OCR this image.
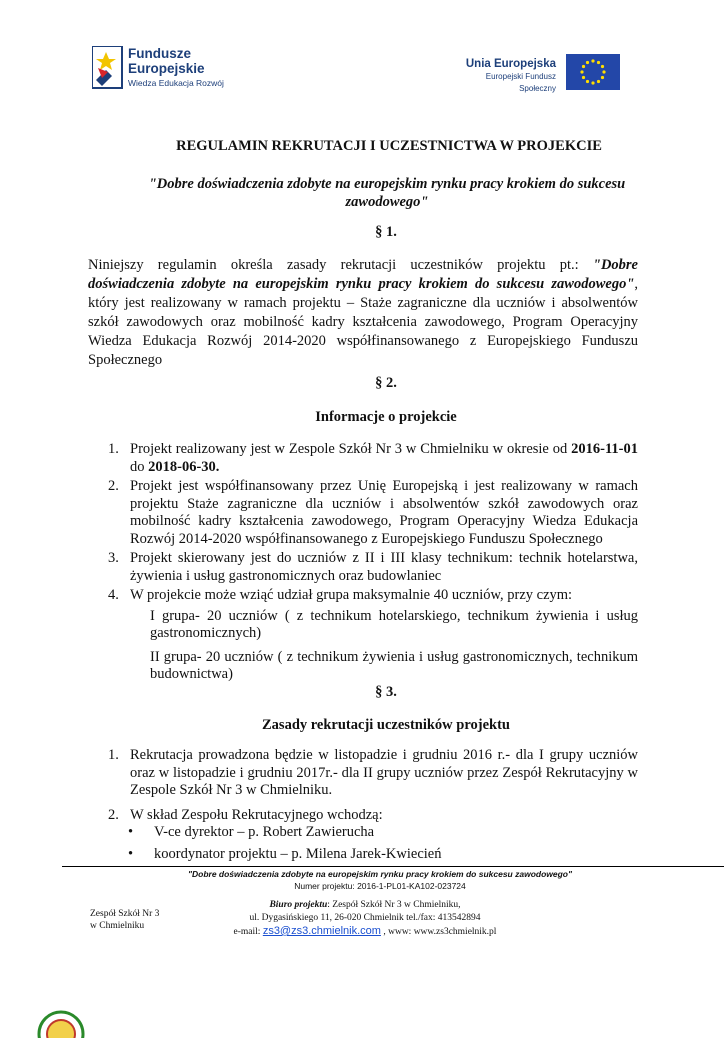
Fundusze
Europejskie
Wiedza Edukacja Rozwój
Unia Europejska
Europejski Fundusz Społeczny
REGULAMIN REKRUTACJI I UCZESTNICTWA W PROJEKCIE
"Dobre doświadczenia zdobyte na europejskim rynku pracy krokiem do sukcesu zawodowego"
§ 1.
Niniejszy regulamin określa zasady rekrutacji uczestników projektu pt.: "Dobre doświadczenia zdobyte na europejskim rynku pracy krokiem do sukcesu zawodowego", który jest realizowany w ramach projektu – Staże zagraniczne dla uczniów i absolwentów szkół zawodowych oraz mobilność kadry kształcenia zawodowego, Program Operacyjny Wiedza Edukacja Rozwój 2014-2020 współfinansowanego z Europejskiego Funduszu Społecznego
§ 2.
Informacje o projekcie
1. Projekt realizowany jest w Zespole Szkół Nr 3 w Chmielniku w okresie od 2016-11-01 do 2018-06-30.
2. Projekt jest współfinansowany przez Unię Europejską i jest realizowany w ramach projektu Staże zagraniczne dla uczniów i absolwentów szkół zawodowych oraz mobilność kadry kształcenia zawodowego, Program Operacyjny Wiedza Edukacja Rozwój 2014-2020 współfinansowanego z Europejskiego Funduszu Społecznego
3. Projekt skierowany jest do uczniów z II i III klasy technikum: technik hotelarstwa, żywienia i usług gastronomicznych oraz budowlaniec
4. W projekcie może wziąć udział grupa maksymalnie 40 uczniów, przy czym:
I grupa- 20 uczniów ( z technikum hotelarskiego, technikum żywienia i usług gastronomicznych)
II grupa- 20 uczniów ( z technikum żywienia i usług gastronomicznych, technikum budownictwa)
§ 3.
Zasady rekrutacji uczestników projektu
1. Rekrutacja prowadzona będzie w listopadzie i grudniu 2016 r.- dla I grupy uczniów oraz w listopadzie i grudniu 2017r.- dla II grupy uczniów przez Zespół Rekrutacyjny w Zespole Szkół Nr 3 w Chmielniku.
2. W skład Zespołu Rekrutacyjnego wchodzą:
• V-ce dyrektor – p. Robert Zawierucha
• koordynator projektu – p. Milena Jarek-Kwiecień
"Dobre doświadczenia zdobyte na europejskim rynku pracy krokiem do sukcesu zawodowego"
Numer projektu: 2016-1-PL01-KA102-023724
Zespół Szkół Nr 3
w Chmielniku
Biuro projektu: Zespół Szkół Nr 3 w Chmielniku,
ul. Dygasińskiego 11, 26-020 Chmielnik tel./fax: 413542894
e-mail: zs3@zs3.chmielnik.com , www: www.zs3chmielnik.pl
